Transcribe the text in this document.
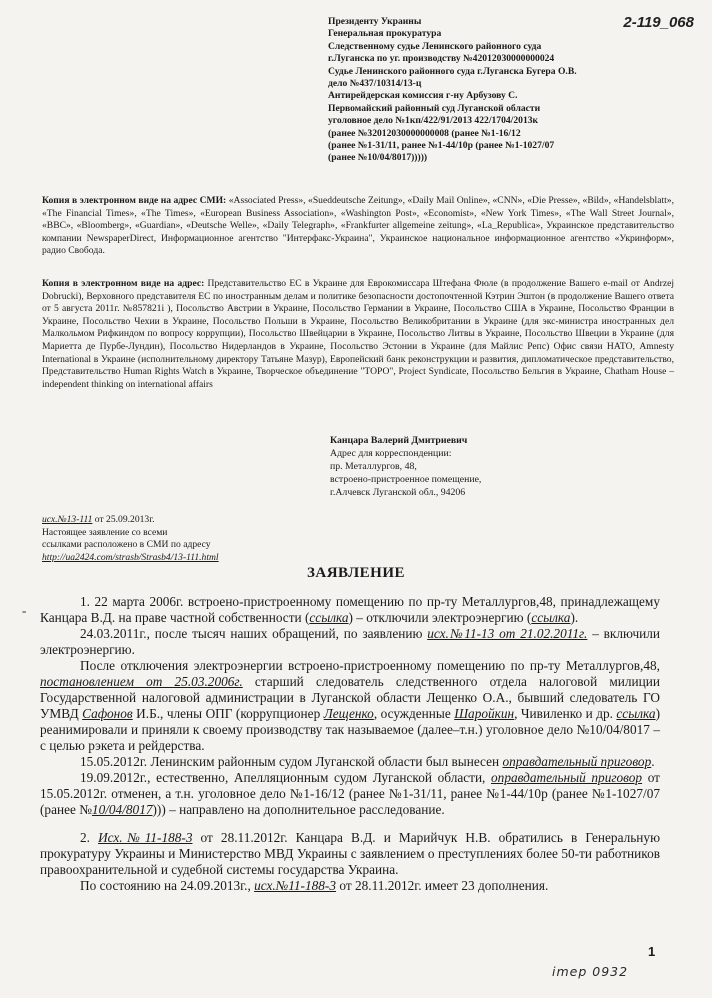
2-119_068
Президенту Украины
Генеральная прокуратура
Следственному судье Ленинского районного суда
г.Луганска по уг. производству №42012030000000024
Судье Ленинского районного суда г.Луганска Бугера О.В.
дело №437/10314/13-ц
Антирейдерская комиссия г-ну Арбузову С.
Первомайский районный суд Луганской области
уголовное дело №1кп/422/91/2013 422/1704/2013к
(ранее №32012030000000008 (ранее №1-16/12
(ранее №1-31/11, ранее №1-44/10р (ранее №1-1027/07
(ранее №10/04/8017)))))
Копия в электронном виде на адрес СМИ: «Associated Press», «Sueddeutsche Zeitung», «Daily Mail Online», «CNN», «Die Presse», «Bild», «Handelsblatt», «The Financial Times», «The Times», «European Business Association», «Washington Post», «Economist», «New York Times», «The Wall Street Journal», «BBC», «Bloomberg», «Guardian», «Deutsche Welle», «Daily Telegraph», «Frankfurter allgemeine zeitung», «La_Republica», Украинское представительство компании NewspaperDirect, Информационное агентство "Интерфакс-Украина", Украинское национальное информационное агентство «Укринформ», радио Свобода.
Копия в электронном виде на адрес: Представительство ЕС в Украине для Еврокомиссара Штефана Фюле (в продолжение Вашего e-mail от Andrzej Dobrucki), Верховного представителя ЕС по иностранным делам и политике безопасности достопочтенной Кэтрин Эштон (в продолжение Вашего ответа от 5 августа 2011г. №857821i ), Посольство Австрии в Украине, Посольство Германии в Украине, Посольство США в Украине, Посольство Франции в Украине, Посольство Чехии в Украине, Посольство Польши в Украине, Посольство Великобритании в Украине (для экс-министра иностранных дел Малкольмом Рифкиндом по вопросу коррупции), Посольство Швейцарии в Украине, Посольство Литвы в Украине, Посольство Швеции в Украине (для Мариетта де Пурбе-Лундин), Посольство Нидерландов в Украине, Посольство Эстонии в Украине (для Майлис Репс) Офис связи НАТО, Amnesty International в Украине (исполнительному директору Татьяне Мазур), Европейский банк реконструкции и развития, дипломатическое представительство, Представительство Human Rights Watch в Украине, Творческое объединение "ТОРО", Project Syndicate, Посольство Бельгия в Украине, Chatham House – independent thinking on international affairs
Канцара Валерий Дмитриевич
Адрес для корреспонденции:
пр. Металлургов, 48,
встроено-пристроенное помещение,
г.Алчевск Луганской обл., 94206
исх.№13-111 от 25.09.2013г.
Настоящее заявление со всеми
ссылками расположено в СМИ по адресу
http://ua2424.com/strasb/Strasb4/13-111.html
ЗАЯВЛЕНИЕ
-

1. 22 марта 2006г. встроено-пристроенному помещению по пр-ту Металлургов,48, принадлежащему Канцара В.Д. на праве частной собственности (ссылка) – отключили электроэнергию (ссылка).

24.03.2011г., после тысяч наших обращений, по заявлению исх.№11-13 от 21.02.2011г. – включили электроэнергию.

После отключения электроэнергии встроено-пристроенному помещению по пр-ту Металлургов,48, постановлением от 25.03.2006г. старший следователь следственного отдела налоговой милиции Государственной налоговой администрации в Луганской области Лещенко О.А., бывший следователь ГО УМВД Сафонов И.Б., члены ОПГ (коррупционер Лещенко, осужденные Шаройкин, Чивиленко и др. ссылка) реанимировали и приняли к своему производству так называемое (далее–т.н.) уголовное дело №10/04/8017 – с целью рэкета и рейдерства.

15.05.2012г. Ленинским районным судом Луганской области был вынесен оправдательный приговор.

19.09.2012г., естественно, Апелляционным судом Луганской области, оправдательный приговор от 15.05.2012г. отменен, а т.н. уголовное дело №1-16/12 (ранее №1-31/11, ранее №1-44/10р (ранее №1-1027/07 (ранее №10/04/8017))) – направлено на дополнительное расследование.

2. Исх.№11-188-3 от 28.11.2012г. Канцара В.Д. и Марийчук Н.В. обратились в Генеральную прокуратуру Украины и Министерство МВД Украины с заявлением о преступлениях более 50-ти работников правоохранительной и судебной системы государства Украина.

По состоянию на 24.09.2013г., исх.№11-188-3 от 28.11.2012г. имеет 23 дополнения.

1
imep 0932
